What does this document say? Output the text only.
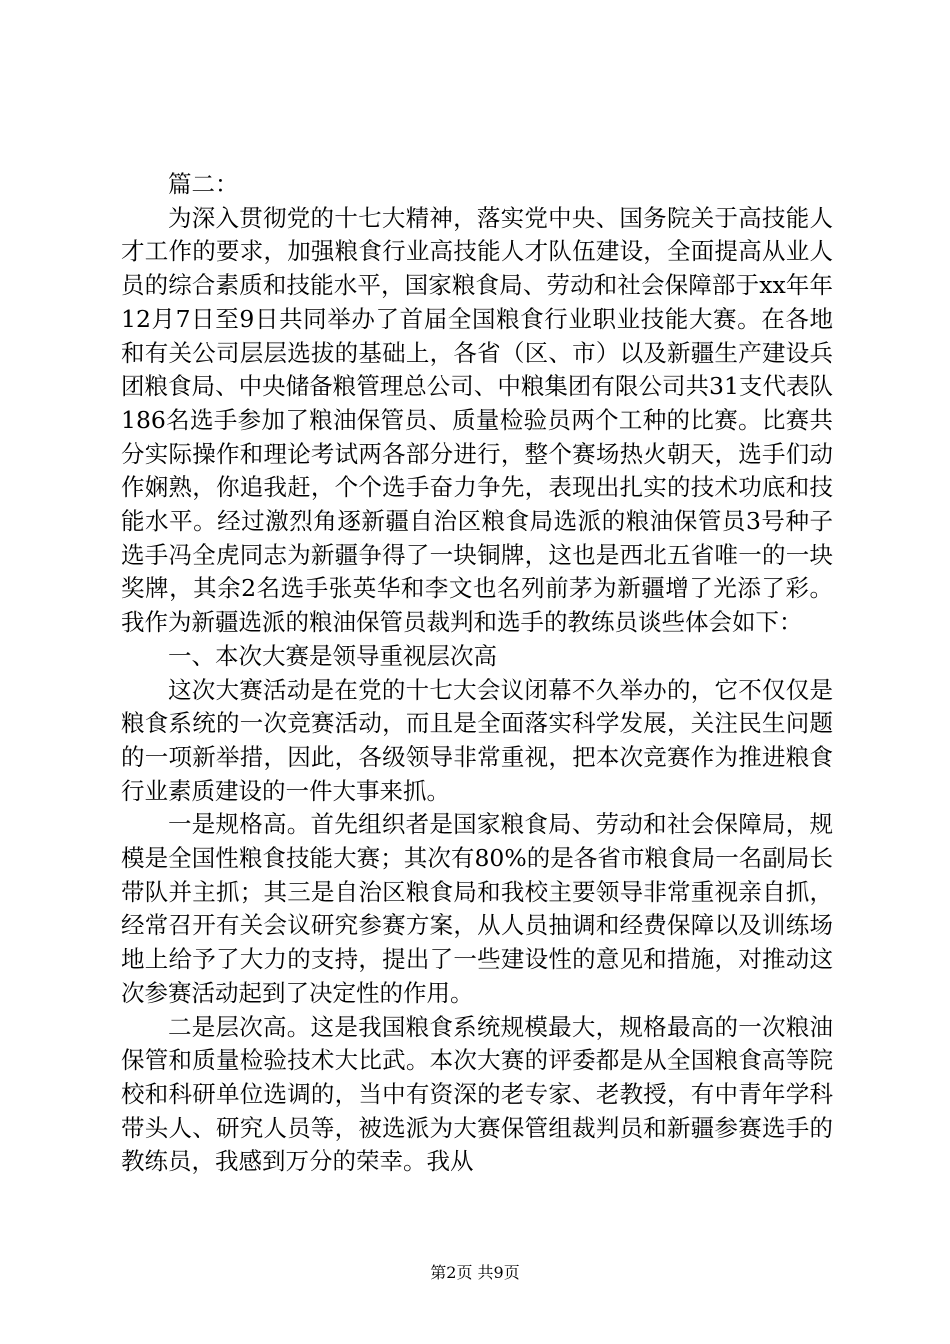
篇二：

为深入贯彻党的十七大精神，落实党中央、国务院关于高技能人才工作的要求，加强粮食行业高技能人才队伍建设，全面提高从业人员的综合素质和技能水平，国家粮食局、劳动和社会保障部于xx年年12月7日至9日共同举办了首届全国粮食行业职业技能大赛。在各地和有关公司层层选拔的基础上，各省（区、市）以及新疆生产建设兵团粮食局、中央储备粮管理总公司、中粮集团有限公司共31支代表队186名选手参加了粮油保管员、质量检验员两个工种的比赛。比赛共分实际操作和理论考试两各部分进行，整个赛场热火朝天，选手们动作娴熟，你追我赶，个个选手奋力争先，表现出扎实的技术功底和技能水平。经过激烈角逐新疆自治区粮食局选派的粮油保管员3号种子选手冯全虎同志为新疆争得了一块铜牌，这也是西北五省唯一的一块奖牌，其余2名选手张英华和李文也名列前茅为新疆增了光添了彩。我作为新疆选派的粮油保管员裁判和选手的教练员谈些体会如下：

一、本次大赛是领导重视层次高

这次大赛活动是在党的十七大会议闭幕不久举办的，它不仅仅是粮食系统的一次竞赛活动，而且是全面落实科学发展，关注民生问题的一项新举措，因此，各级领导非常重视，把本次竞赛作为推进粮食行业素质建设的一件大事来抓。

一是规格高。首先组织者是国家粮食局、劳动和社会保障局，规模是全国性粮食技能大赛；其次有80%的是各省市粮食局一名副局长带队并主抓；其三是自治区粮食局和我校主要领导非常重视亲自抓，经常召开有关会议研究参赛方案，从人员抽调和经费保障以及训练场地上给予了大力的支持，提出了一些建设性的意见和措施，对推动这次参赛活动起到了决定性的作用。

二是层次高。这是我国粮食系统规模最大，规格最高的一次粮油保管和质量检验技术大比武。本次大赛的评委都是从全国粮食高等院校和科研单位选调的，当中有资深的老专家、老教授，有中青年学科带头人、研究人员等，被选派为大赛保管组裁判员和新疆参赛选手的教练员，我感到万分的荣幸。我从

第2页 共9页
